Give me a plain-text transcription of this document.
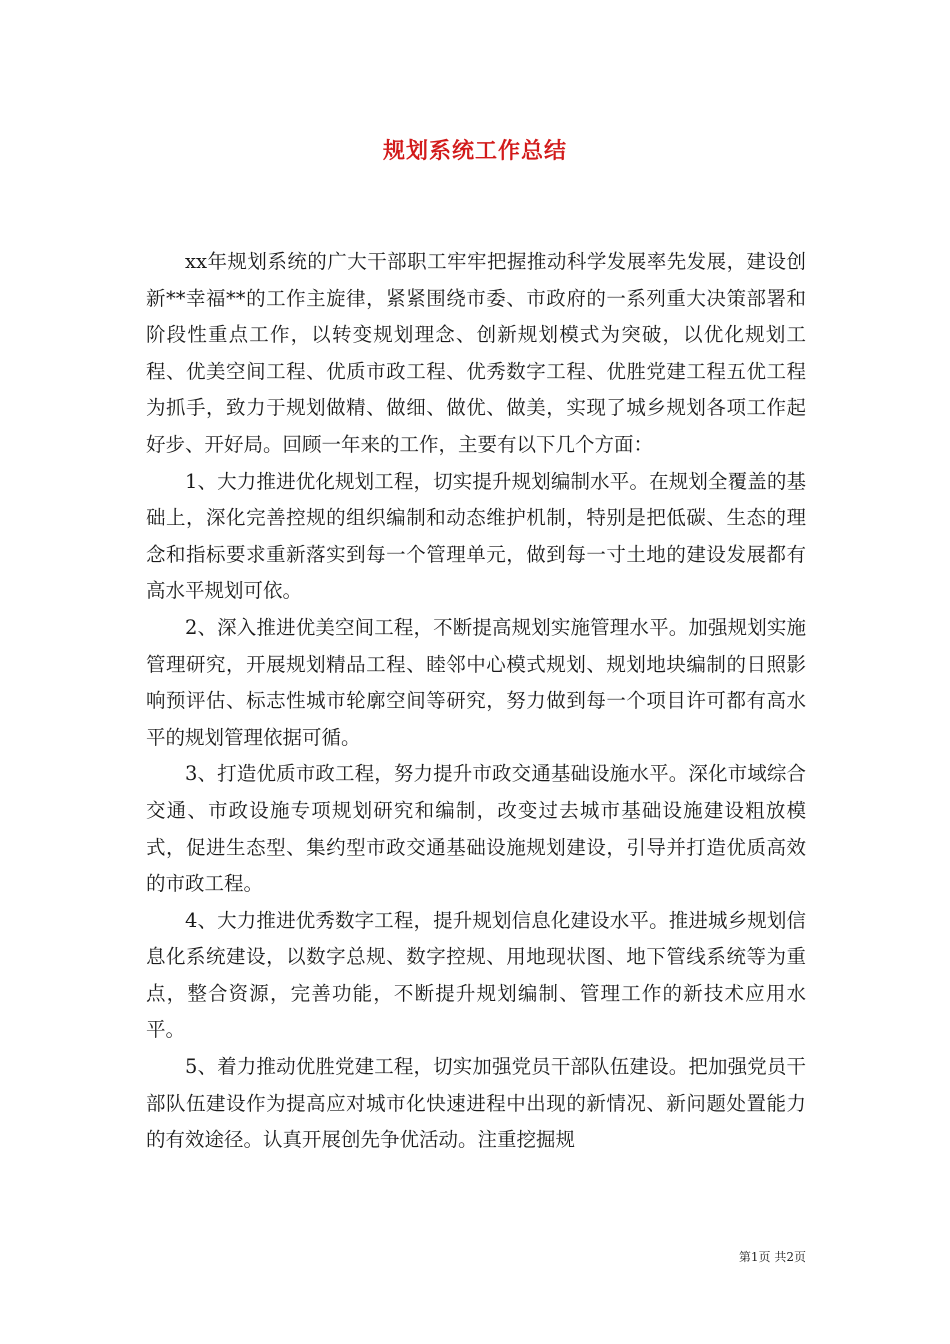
规划系统工作总结

xx年规划系统的广大干部职工牢牢把握推动科学发展率先发展，建设创新**幸福**的工作主旋律，紧紧围绕市委、市政府的一系列重大决策部署和阶段性重点工作，以转变规划理念、创新规划模式为突破，以优化规划工程、优美空间工程、优质市政工程、优秀数字工程、优胜党建工程五优工程为抓手，致力于规划做精、做细、做优、做美，实现了城乡规划各项工作起好步、开好局。回顾一年来的工作，主要有以下几个方面：

1、大力推进优化规划工程，切实提升规划编制水平。在规划全覆盖的基础上，深化完善控规的组织编制和动态维护机制，特别是把低碳、生态的理念和指标要求重新落实到每一个管理单元，做到每一寸土地的建设发展都有高水平规划可依。

2、深入推进优美空间工程，不断提高规划实施管理水平。加强规划实施管理研究，开展规划精品工程、睦邻中心模式规划、规划地块编制的日照影响预评估、标志性城市轮廓空间等研究，努力做到每一个项目许可都有高水平的规划管理依据可循。

3、打造优质市政工程，努力提升市政交通基础设施水平。深化市域综合交通、市政设施专项规划研究和编制，改变过去城市基础设施建设粗放模式，促进生态型、集约型市政交通基础设施规划建设，引导并打造优质高效的市政工程。

4、大力推进优秀数字工程，提升规划信息化建设水平。推进城乡规划信息化系统建设，以数字总规、数字控规、用地现状图、地下管线系统等为重点，整合资源，完善功能，不断提升规划编制、管理工作的新技术应用水平。

5、着力推动优胜党建工程，切实加强党员干部队伍建设。把加强党员干部队伍建设作为提高应对城市化快速进程中出现的新情况、新问题处置能力的有效途径。认真开展创先争优活动。注重挖掘规

第1页 共2页
